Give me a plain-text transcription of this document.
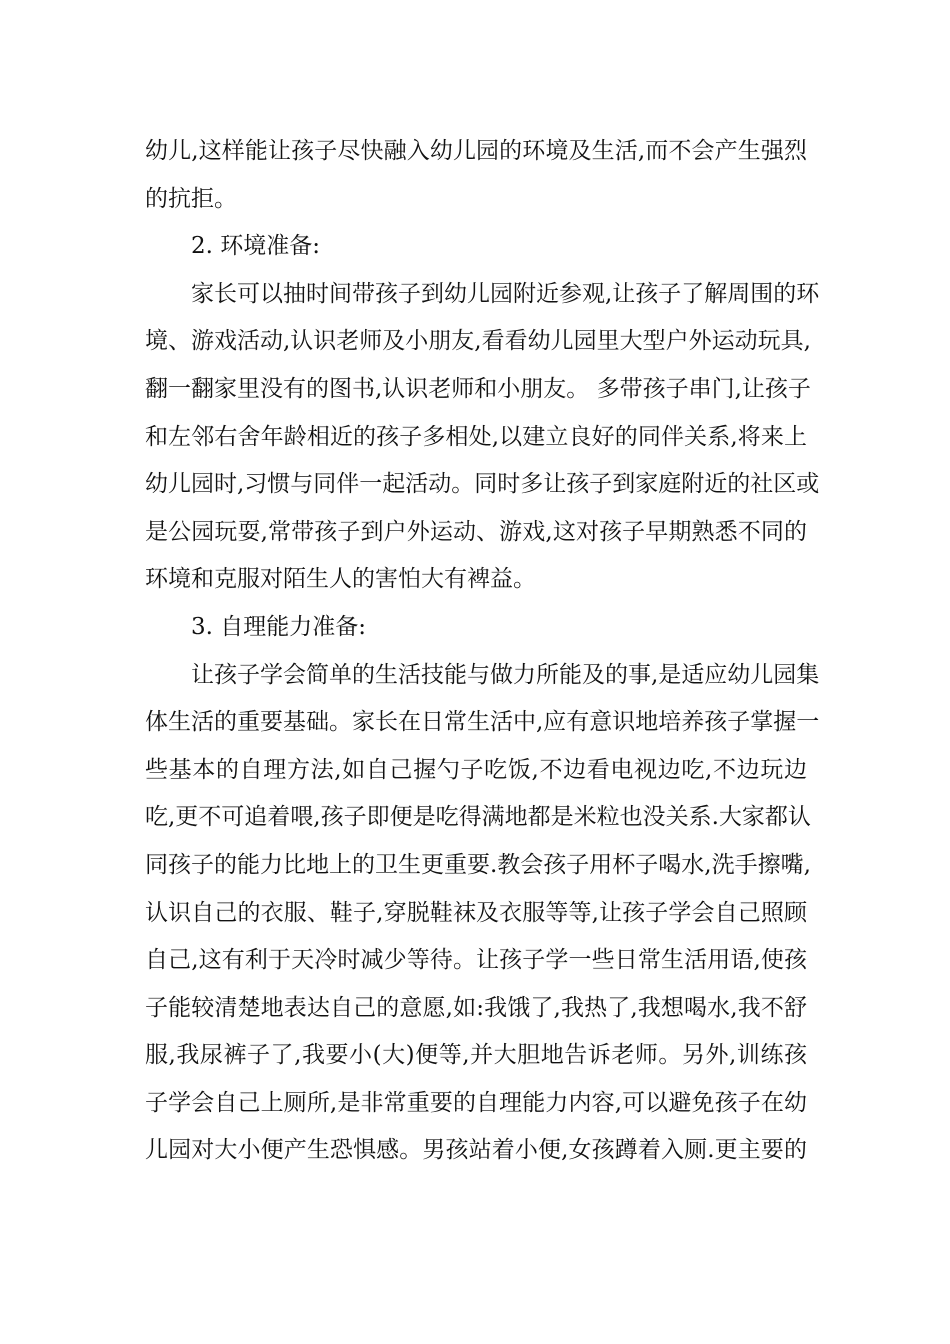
幼儿,这样能让孩子尽快融入幼儿园的环境及生活,而不会产生强烈
的抗拒。
2. 环境准备:
家长可以抽时间带孩子到幼儿园附近参观,让孩子了解周围的环
境、游戏活动,认识老师及小朋友,看看幼儿园里大型户外运动玩具,
翻一翻家里没有的图书,认识老师和小朋友。 多带孩子串门,让孩子
和左邻右舍年龄相近的孩子多相处,以建立良好的同伴关系,将来上
幼儿园时,习惯与同伴一起活动。同时多让孩子到家庭附近的社区或
是公园玩耍,常带孩子到户外运动、游戏,这对孩子早期熟悉不同的
环境和克服对陌生人的害怕大有裨益。
3. 自理能力准备:
让孩子学会简单的生活技能与做力所能及的事,是适应幼儿园集
体生活的重要基础。家长在日常生活中,应有意识地培养孩子掌握一
些基本的自理方法,如自己握勺子吃饭,不边看电视边吃,不边玩边
吃,更不可追着喂,孩子即便是吃得满地都是米粒也没关系.大家都认
同孩子的能力比地上的卫生更重要.教会孩子用杯子喝水,洗手擦嘴,
认识自己的衣服、鞋子,穿脱鞋袜及衣服等等,让孩子学会自己照顾
自己,这有利于天冷时减少等待。让孩子学一些日常生活用语,使孩
子能较清楚地表达自己的意愿,如:我饿了,我热了,我想喝水,我不舒
服,我尿裤子了,我要小(大)便等,并大胆地告诉老师。另外,训练孩
子学会自己上厕所,是非常重要的自理能力内容,可以避免孩子在幼
儿园对大小便产生恐惧感。男孩站着小便,女孩蹲着入厕.更主要的
